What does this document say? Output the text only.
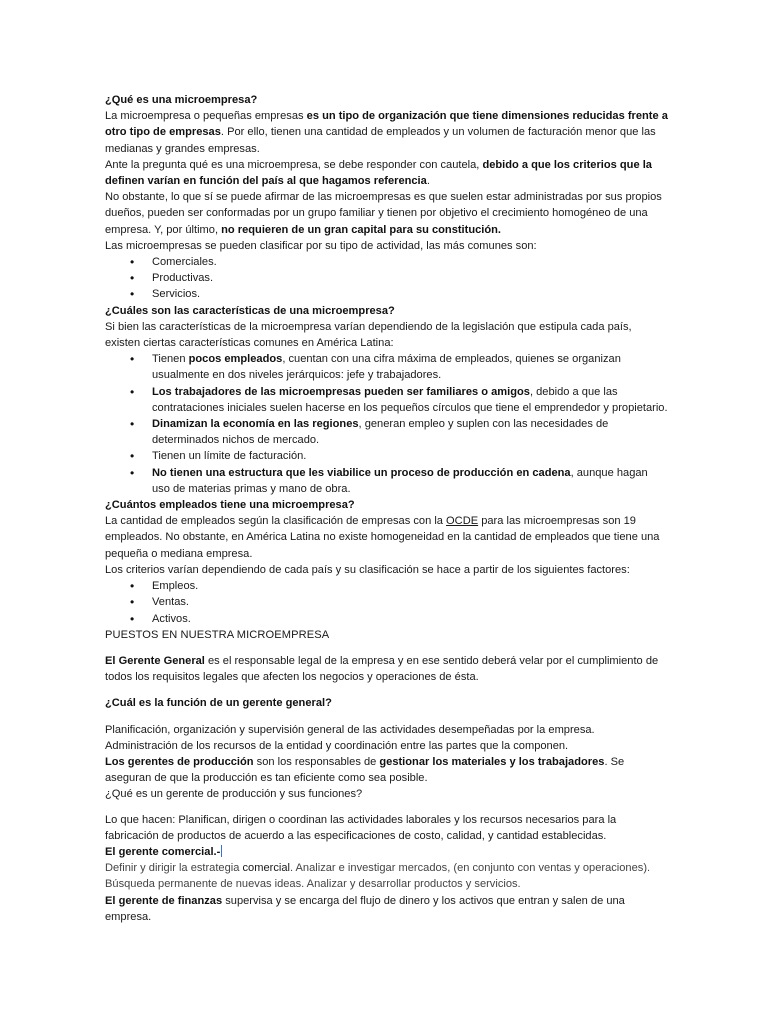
¿Qué es una microempresa?

La microempresa o pequeñas empresas es un tipo de organización que tiene dimensiones reducidas frente a otro tipo de empresas. Por ello, tienen una cantidad de empleados y un volumen de facturación menor que las medianas y grandes empresas.

Ante la pregunta qué es una microempresa, se debe responder con cautela, debido a que los criterios que la definen varían en función del país al que hagamos referencia.

No obstante, lo que sí se puede afirmar de las microempresas es que suelen estar administradas por sus propios dueños, pueden ser conformadas por un grupo familiar y tienen por objetivo el crecimiento homogéneo de una empresa. Y, por último, no requieren de un gran capital para su constitución.

Las microempresas se pueden clasificar por su tipo de actividad, las más comunes son:

• Comerciales.
• Productivas.
• Servicios.

¿Cuáles son las características de una microempresa?

Si bien las características de la microempresa varían dependiendo de la legislación que estipula cada país, existen ciertas características comunes en América Latina:

• Tienen pocos empleados, cuentan con una cifra máxima de empleados, quienes se organizan usualmente en dos niveles jerárquicos: jefe y trabajadores.
• Los trabajadores de las microempresas pueden ser familiares o amigos, debido a que las contrataciones iniciales suelen hacerse en los pequeños círculos que tiene el emprendedor y propietario.
• Dinamizan la economía en las regiones, generan empleo y suplen con las necesidades de determinados nichos de mercado.
• Tienen un límite de facturación.
• No tienen una estructura que les viabilice un proceso de producción en cadena, aunque hagan uso de materias primas y mano de obra.

¿Cuántos empleados tiene una microempresa?

La cantidad de empleados según la clasificación de empresas con la OCDE para las microempresas son 19 empleados. No obstante, en América Latina no existe homogeneidad en la cantidad de empleados que tiene una pequeña o mediana empresa.

Los criterios varían dependiendo de cada país y su clasificación se hace a partir de los siguientes factores:

• Empleos.
• Ventas.
• Activos.

PUESTOS EN NUESTRA MICROEMPRESA

El Gerente General es el responsable legal de la empresa y en ese sentido deberá velar por el cumplimiento de todos los requisitos legales que afecten los negocios y operaciones de ésta.

¿Cuál es la función de un gerente general?

Planificación, organización y supervisión general de las actividades desempeñadas por la empresa.

Administración de los recursos de la entidad y coordinación entre las partes que la componen.

Los gerentes de producción son los responsables de gestionar los materiales y los trabajadores. Se aseguran de que la producción es tan eficiente como sea posible.

¿Qué es un gerente de producción y sus funciones?

Lo que hacen: Planifican, dirigen o coordinan las actividades laborales y los recursos necesarios para la fabricación de productos de acuerdo a las especificaciones de costo, calidad, y cantidad establecidas.

El gerente comercial.-

Definir y dirigir la estrategia comercial. Analizar e investigar mercados, (en conjunto con ventas y operaciones). Búsqueda permanente de nuevas ideas. Analizar y desarrollar productos y servicios.

El gerente de finanzas supervisa y se encarga del flujo de dinero y los activos que entran y salen de una empresa.
